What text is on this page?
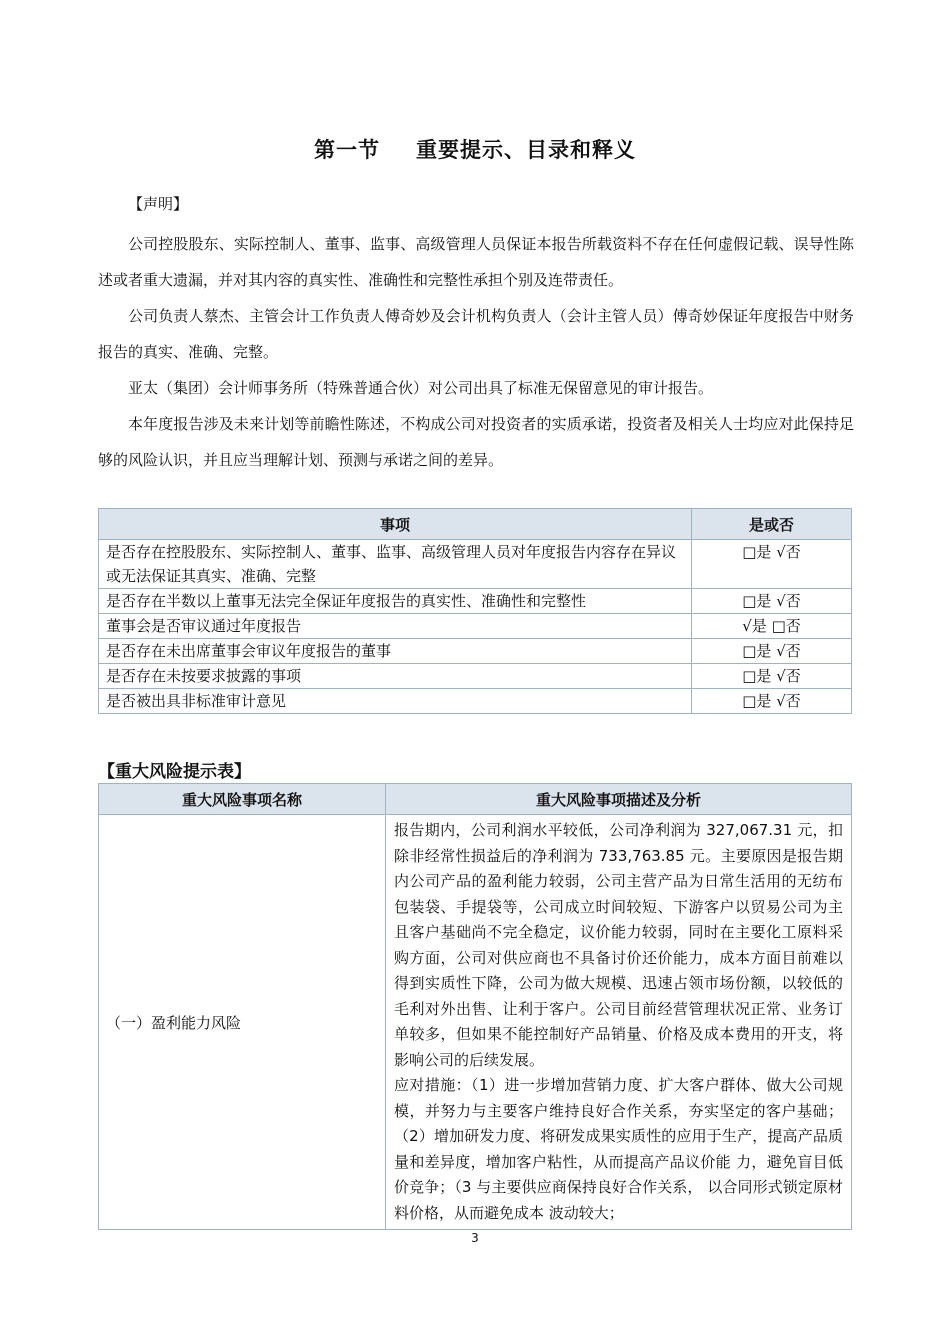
第一节 重要提示、目录和释义
【声明】
公司控股股东、实际控制人、董事、监事、高级管理人员保证本报告所载资料不存在任何虚假记载、误导性陈述或者重大遗漏，并对其内容的真实性、准确性和完整性承担个别及连带责任。
公司负责人蔡杰、主管会计工作负责人傅奇妙及会计机构负责人（会计主管人员）傅奇妙保证年度报告中财务报告的真实、准确、完整。
亚太（集团）会计师事务所（特殊普通合伙）对公司出具了标准无保留意见的审计报告。
本年度报告涉及未来计划等前瞻性陈述，不构成公司对投资者的实质承诺，投资者及相关人士均应对此保持足够的风险认识，并且应当理解计划、预测与承诺之间的差异。
事项	是或否
是否存在控股股东、实际控制人、董事、监事、高级管理人员对年度报告内容存在异议或无法保证其真实、准确、完整	□是 √否
是否存在半数以上董事无法完全保证年度报告的真实性、准确性和完整性	□是 √否
董事会是否审议通过年度报告	√是 □否
是否存在未出席董事会审议年度报告的董事	□是 √否
是否存在未按要求披露的事项	□是 √否
是否被出具非标准审计意见	□是 √否
【重大风险提示表】
重大风险事项名称	重大风险事项描述及分析
（一）盈利能力风险	报告期内，公司利润水平较低，公司净利润为 327,067.31 元，扣除非经常性损益后的净利润为 733,763.85 元。主要原因是报告期内公司产品的盈利能力较弱，公司主营产品为日常生活用的无纺布包装袋、手提袋等，公司成立时间较短、下游客户以贸易公司为主且客户基础尚不完全稳定，议价能力较弱，同时在主要化工原料采购方面，公司对供应商也不具备讨价还价能力，成本方面目前难以得到实质性下降，公司为做大规模、迅速占领市场份额，以较低的毛利对外出售、让利于客户。公司目前经营管理状况正常、业务订单较多，但如果不能控制好产品销量、价格及成本费用的开支，将影响公司的后续发展。
应对措施：（1）进一步增加营销力度、扩大客户群体、做大公司规模，并努力与主要客户维持良好合作关系，夯实坚定的客户基础；（2）增加研发力度、将研发成果实质性的应用于生产，提高产品质量和差异度，增加客户粘性，从而提高产品议价能 力，避免盲目低价竞争；（3 与主要供应商保持良好合作关系， 以合同形式锁定原材料价格，从而避免成本 波动较大；
3
